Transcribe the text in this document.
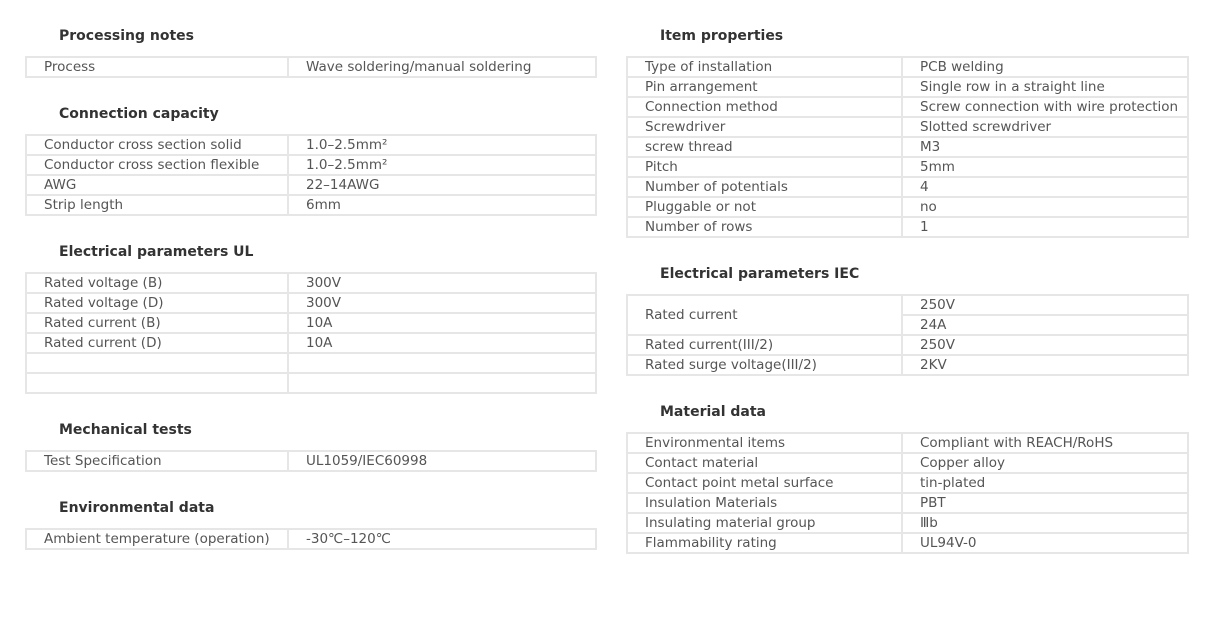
Processing notes
Process	Wave soldering/manual soldering
Connection capacity
Conductor cross section solid	1.0–2.5mm²
Conductor cross section flexible	1.0–2.5mm²
AWG	22–14AWG
Strip length	6mm
Electrical parameters UL
Rated voltage (B)	300V
Rated voltage (D)	300V
Rated current (B)	10A
Rated current (D)	10A

Mechanical tests
Test Specification	UL1059/IEC60998
Environmental data
Ambient temperature (operation)	-30℃–120℃
Item properties
Type of installation	PCB welding
Pin arrangement	Single row in a straight line
Connection method	Screw connection with wire protection
Screwdriver	Slotted screwdriver
screw thread	M3
Pitch	5mm
Number of potentials	4
Pluggable or not	no
Number of rows	1
Electrical parameters IEC
Rated current	250V
	24A
Rated current(III/2)	250V
Rated surge voltage(III/2)	2KV
Material data
Environmental items	Compliant with REACH/RoHS
Contact material	Copper alloy
Contact point metal surface	tin-plated
Insulation Materials	PBT
Insulating material group	Ⅲb
Flammability rating	UL94V-0
